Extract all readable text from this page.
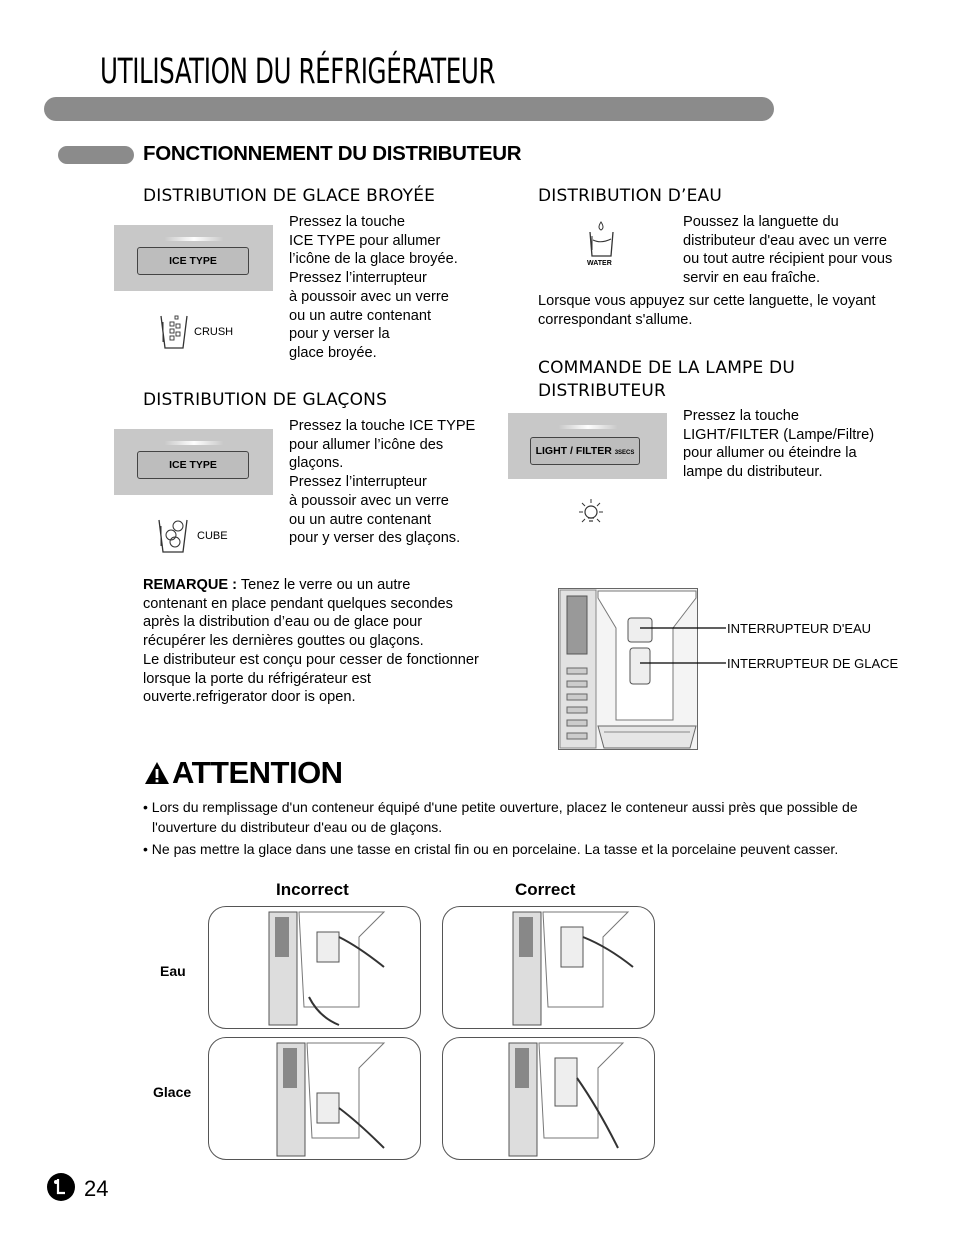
UTILISATION DU RÉFRIGÉRATEUR
FONCTIONNEMENT DU DISTRIBUTEUR
DISTRIBUTION DE GLACE BROYÉE
ICE TYPE
CRUSH
Pressez la touche
ICE TYPE pour allumer
l’icône de la glace broyée.
Pressez l’interrupteur
à poussoir avec un verre
ou un autre contenant
pour y verser la
glace broyée.
DISTRIBUTION DE GLAÇONS
ICE TYPE
CUBE
Pressez la touche ICE TYPE
pour allumer l’icône des
glaçons.
Pressez l’interrupteur
à poussoir avec un verre
ou un autre contenant
pour y verser des glaçons.
DISTRIBUTION D’EAU
WATER
Poussez la languette du
distributeur d'eau avec un verre
ou tout autre récipient pour vous
servir en eau fraîche.
Lorsque vous appuyez sur cette languette, le voyant
correspondant s'allume.
COMMANDE DE LA LAMPE DU
DISTRIBUTEUR
LIGHT / FILTER 3SECS
Pressez la touche
LIGHT/FILTER (Lampe/Filtre)
pour allumer ou éteindre la
lampe du distributeur.
REMARQUE : Tenez le verre ou un autre
contenant en place pendant quelques secondes
après la distribution d’eau ou de glace pour
récupérer les dernières gouttes ou glaçons.
Le distributeur est conçu pour cesser de fonctionner
lorsque la porte du réfrigérateur est
ouverte.refrigerator door is open.
INTERRUPTEUR D'EAU
INTERRUPTEUR DE GLACE
ATTENTION
• Lors du remplissage d'un conteneur équipé d'une petite ouverture, placez le conteneur aussi près que possible de
l'ouverture du distributeur d'eau ou de glaçons.
• Ne pas mettre la glace dans une tasse en cristal fin ou en porcelaine. La tasse et la porcelaine peuvent casser.
Incorrect	Correct
Eau
Glace
24
